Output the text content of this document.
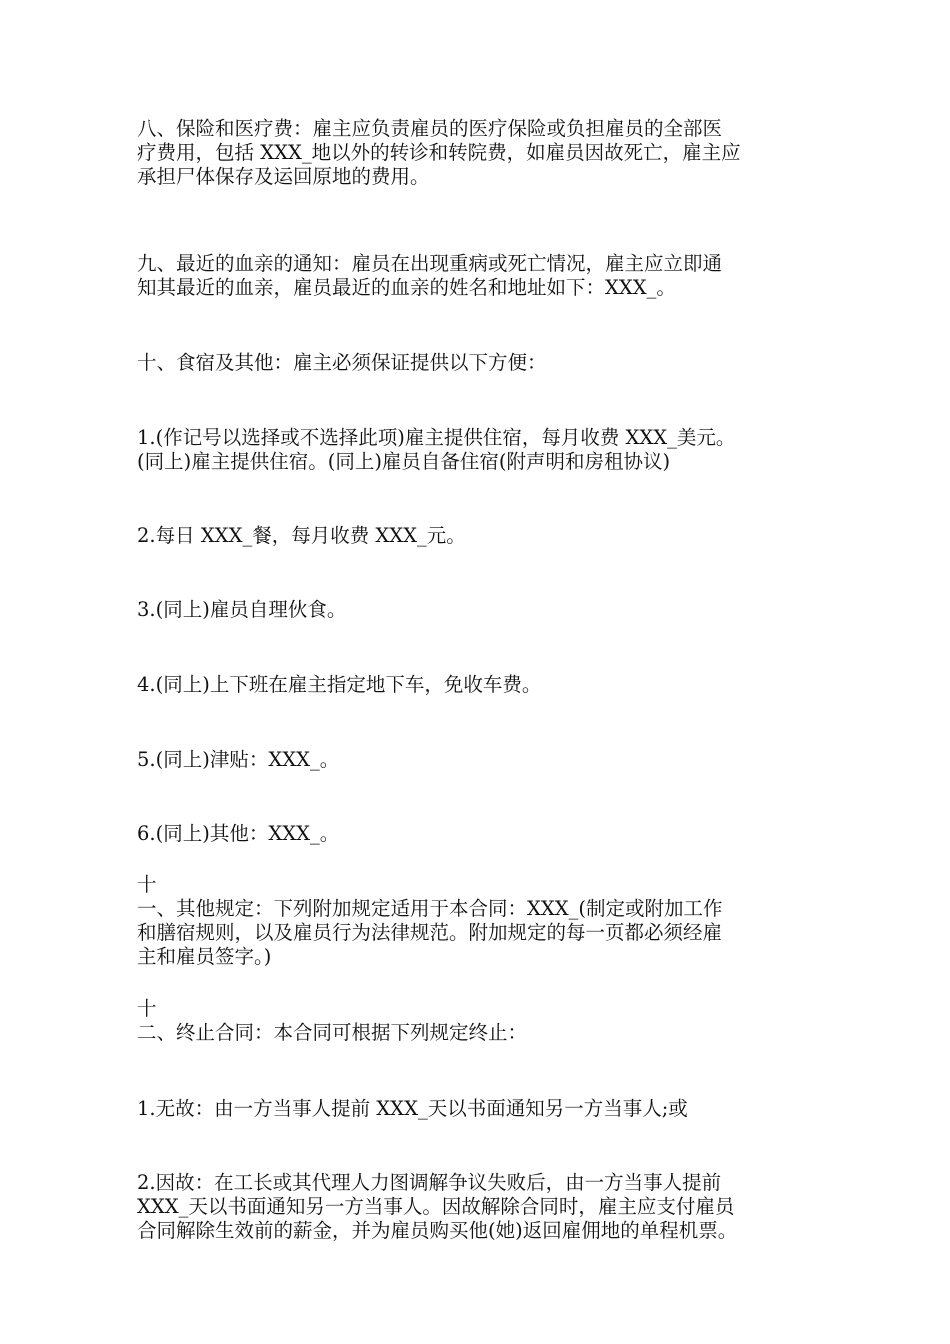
八、保险和医疗费：雇主应负责雇员的医疗保险或负担雇员的全部医
疗费用，包括 XXX_地以外的转诊和转院费，如雇员因故死亡，雇主应
承担尸体保存及运回原地的费用。
九、最近的血亲的通知：雇员在出现重病或死亡情况，雇主应立即通
知其最近的血亲，雇员最近的血亲的姓名和地址如下：XXX_。
十、食宿及其他：雇主必须保证提供以下方便：
1.(作记号以选择或不选择此项)雇主提供住宿，每月收费 XXX_美元。
(同上)雇主提供住宿。(同上)雇员自备住宿(附声明和房租协议)
2.每日 XXX_餐，每月收费 XXX_元。
3.(同上)雇员自理伙食。
4.(同上)上下班在雇主指定地下车，免收车费。
5.(同上)津贴：XXX_。
6.(同上)其他：XXX_。
十
一、其他规定：下列附加规定适用于本合同：XXX_(制定或附加工作
和膳宿规则，以及雇员行为法律规范。附加规定的每一页都必须经雇
主和雇员签字。)
十
二、终止合同：本合同可根据下列规定终止：
1.无故：由一方当事人提前 XXX_天以书面通知另一方当事人;或
2.因故：在工长或其代理人力图调解争议失败后，由一方当事人提前
XXX_天以书面通知另一方当事人。因故解除合同时，雇主应支付雇员
合同解除生效前的薪金，并为雇员购买他(她)返回雇佣地的单程机票。
